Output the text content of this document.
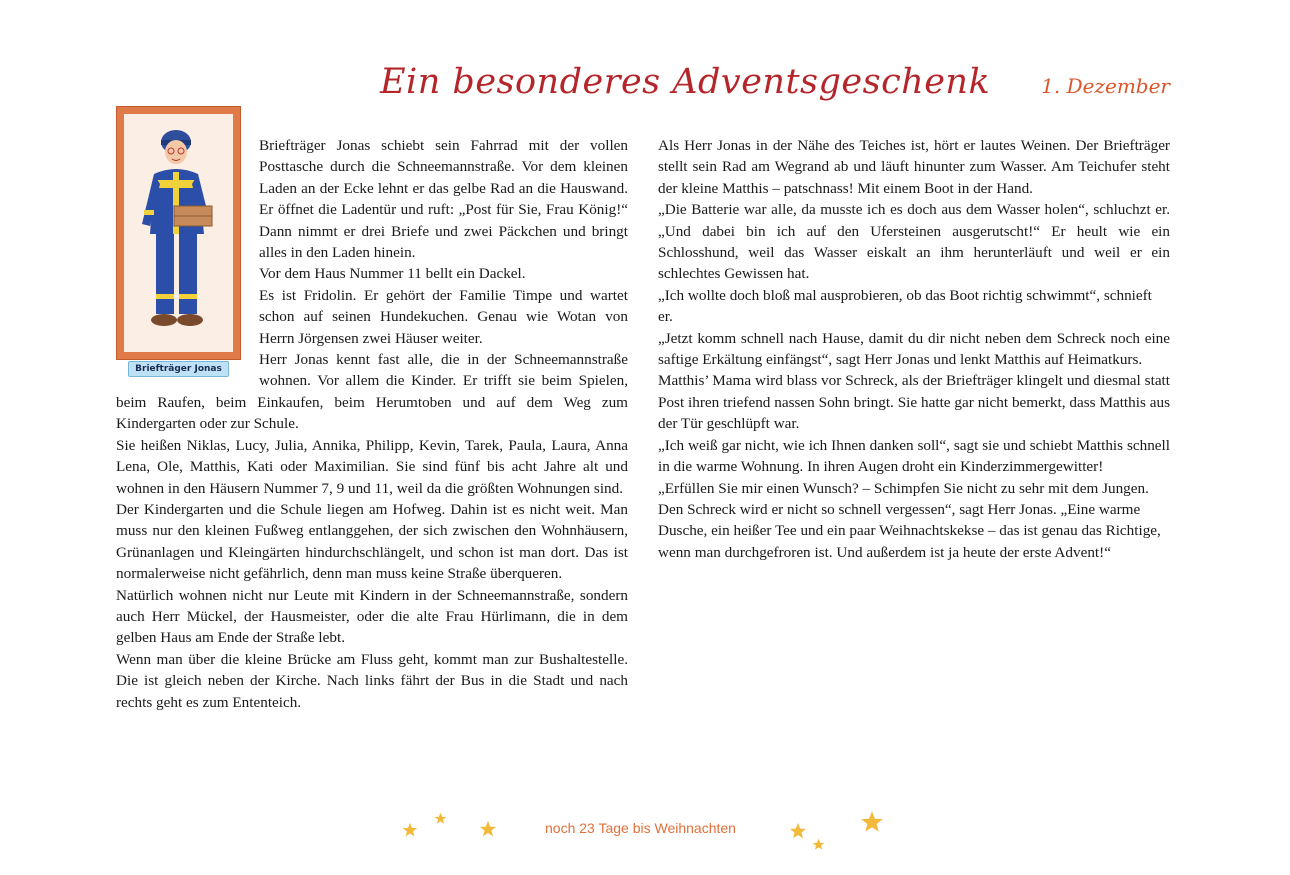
Ein besonderes Adventsgeschenk	1. Dezember
Briefträger Jonas

Briefträger Jonas schiebt sein Fahrrad mit der vollen Posttasche durch die Schneemannstraße. Vor dem kleinen Laden an der Ecke lehnt er das gelbe Rad an die Hauswand. Er öffnet die Ladentür und ruft: „Post für Sie, Frau König!“ Dann nimmt er drei Briefe und zwei Päckchen und bringt alles in den Laden hinein.

Vor dem Haus Nummer 11 bellt ein Dackel.

Es ist Fridolin. Er gehört der Familie Timpe und wartet schon auf seinen Hundekuchen. Genau wie Wotan von Herrn Jörgensen zwei Häuser weiter.

Herr Jonas kennt fast alle, die in der Schneemannstraße wohnen. Vor allem die Kinder. Er trifft sie beim Spielen, beim Raufen, beim Einkaufen, beim Herumtoben und auf dem Weg zum Kindergarten oder zur Schule.

Sie heißen Niklas, Lucy, Julia, Annika, Philipp, Kevin, Tarek, Paula, Laura, Anna Lena, Ole, Matthis, Kati oder Maximilian. Sie sind fünf bis acht Jahre alt und wohnen in den Häusern Nummer 7, 9 und 11, weil da die größten Wohnungen sind.

Der Kindergarten und die Schule liegen am Hofweg. Dahin ist es nicht weit. Man muss nur den kleinen Fußweg entlanggehen, der sich zwischen den Wohnhäusern, Grünanlagen und Kleingärten hindurchschlängelt, und schon ist man dort. Das ist normalerweise nicht gefährlich, denn man muss keine Straße überqueren.

Natürlich wohnen nicht nur Leute mit Kindern in der Schneemannstraße, sondern auch Herr Mückel, der Hausmeister, oder die alte Frau Hürlimann, die in dem gelben Haus am Ende der Straße lebt.

Wenn man über die kleine Brücke am Fluss geht, kommt man zur Bushaltestelle. Die ist gleich neben der Kirche. Nach links fährt der Bus in die Stadt und nach rechts geht es zum Ententeich.

Als Herr Jonas in der Nähe des Teiches ist, hört er lautes Weinen. Der Briefträger stellt sein Rad am Wegrand ab und läuft hinunter zum Wasser. Am Teichufer steht der kleine Matthis – patschnass! Mit einem Boot in der Hand.

„Die Batterie war alle, da musste ich es doch aus dem Wasser holen“, schluchzt er. „Und dabei bin ich auf den Ufersteinen ausgerutscht!“ Er heult wie ein Schlosshund, weil das Wasser eiskalt an ihm herunterläuft und weil er ein schlechtes Gewissen hat.

„Ich wollte doch bloß mal ausprobieren, ob das Boot richtig schwimmt“, schnieft er.

„Jetzt komm schnell nach Hause, damit du dir nicht neben dem Schreck noch eine saftige Erkältung einfängst“, sagt Herr Jonas und lenkt Matthis auf Heimatkurs.

Matthis’ Mama wird blass vor Schreck, als der Briefträger klingelt und diesmal statt Post ihren triefend nassen Sohn bringt. Sie hatte gar nicht bemerkt, dass Matthis aus der Tür geschlüpft war.

„Ich weiß gar nicht, wie ich Ihnen danken soll“, sagt sie und schiebt Matthis schnell in die warme Wohnung. In ihren Augen droht ein Kinderzimmergewitter!

„Erfüllen Sie mir einen Wunsch? – Schimpfen Sie nicht zu sehr mit dem Jungen. Den Schreck wird er nicht so schnell vergessen“, sagt Herr Jonas. „Eine warme Dusche, ein heißer Tee und ein paar Weihnachtskekse – das ist genau das Richtige, wenn man durchgefroren ist. Und außerdem ist ja heute der erste Advent!“

noch 23 Tage bis Weihnachten
